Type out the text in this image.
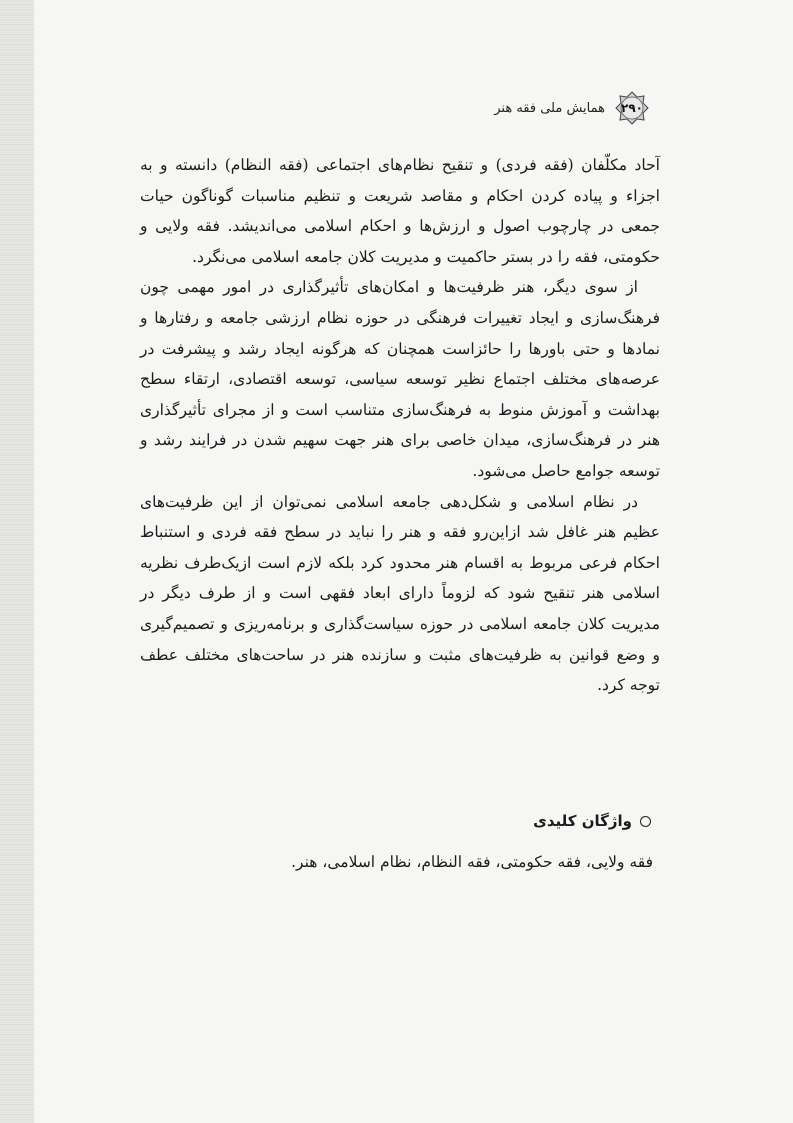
۲۹۰
همایش ملی فقه هنر

آحاد مکلّفان (فقه فردی) و تنقیح نظام‌های اجتماعی (فقه النظام) دانسته و به اجزاء و پیاده کردن احکام و مقاصد شریعت و تنظیم مناسبات گوناگون حیات جمعی در چارچوب اصول و ارزش‌ها و احکام اسلامی می‌اندیشد. فقه ولایی و حکومتی، فقه را در بستر حاکمیت و مدیریت کلان جامعه اسلامی می‌نگرد.

از سوی دیگر، هنر ظرفیت‌ها و امکان‌های تأثیرگذاری در امور مهمی چون فرهنگ‌سازی و ایجاد تغییرات فرهنگی در حوزه نظام ارزشی جامعه و رفتارها و نمادها و حتی باورها را حائزاست همچنان که هرگونه ایجاد رشد و پیشرفت در عرصه‌های مختلف اجتماع نظیر توسعه سیاسی، توسعه اقتصادی، ارتقاء سطح بهداشت و آموزش منوط به فرهنگ‌سازی متناسب است و از مجرای تأثیرگذاری هنر در فرهنگ‌سازی، میدان خاصی برای هنر جهت سهیم شدن در فرایند رشد و توسعه جوامع حاصل می‌شود.

در نظام اسلامی و شکل‌دهی جامعه اسلامی نمی‌توان از این ظرفیت‌های عظیم هنر غافل شد ازاین‌رو فقه و هنر را نباید در سطح فقه فردی و استنباط احکام فرعی مربوط به اقسام هنر محدود کرد بلکه لازم است ازیک‌طرف نظریه اسلامی هنر تنقیح شود که لزوماً دارای ابعاد فقهی است و از طرف دیگر در مدیریت کلان جامعه اسلامی در حوزه سیاست‌گذاری و برنامه‌ریزی و تصمیم‌گیری و وضع قوانین به ظرفیت‌های مثبت و سازنده هنر در ساحت‌های مختلف عطف توجه کرد.

واژگان کلیدی
فقه ولایی، فقه حکومتی، فقه النظام، نظام اسلامی، هنر.
